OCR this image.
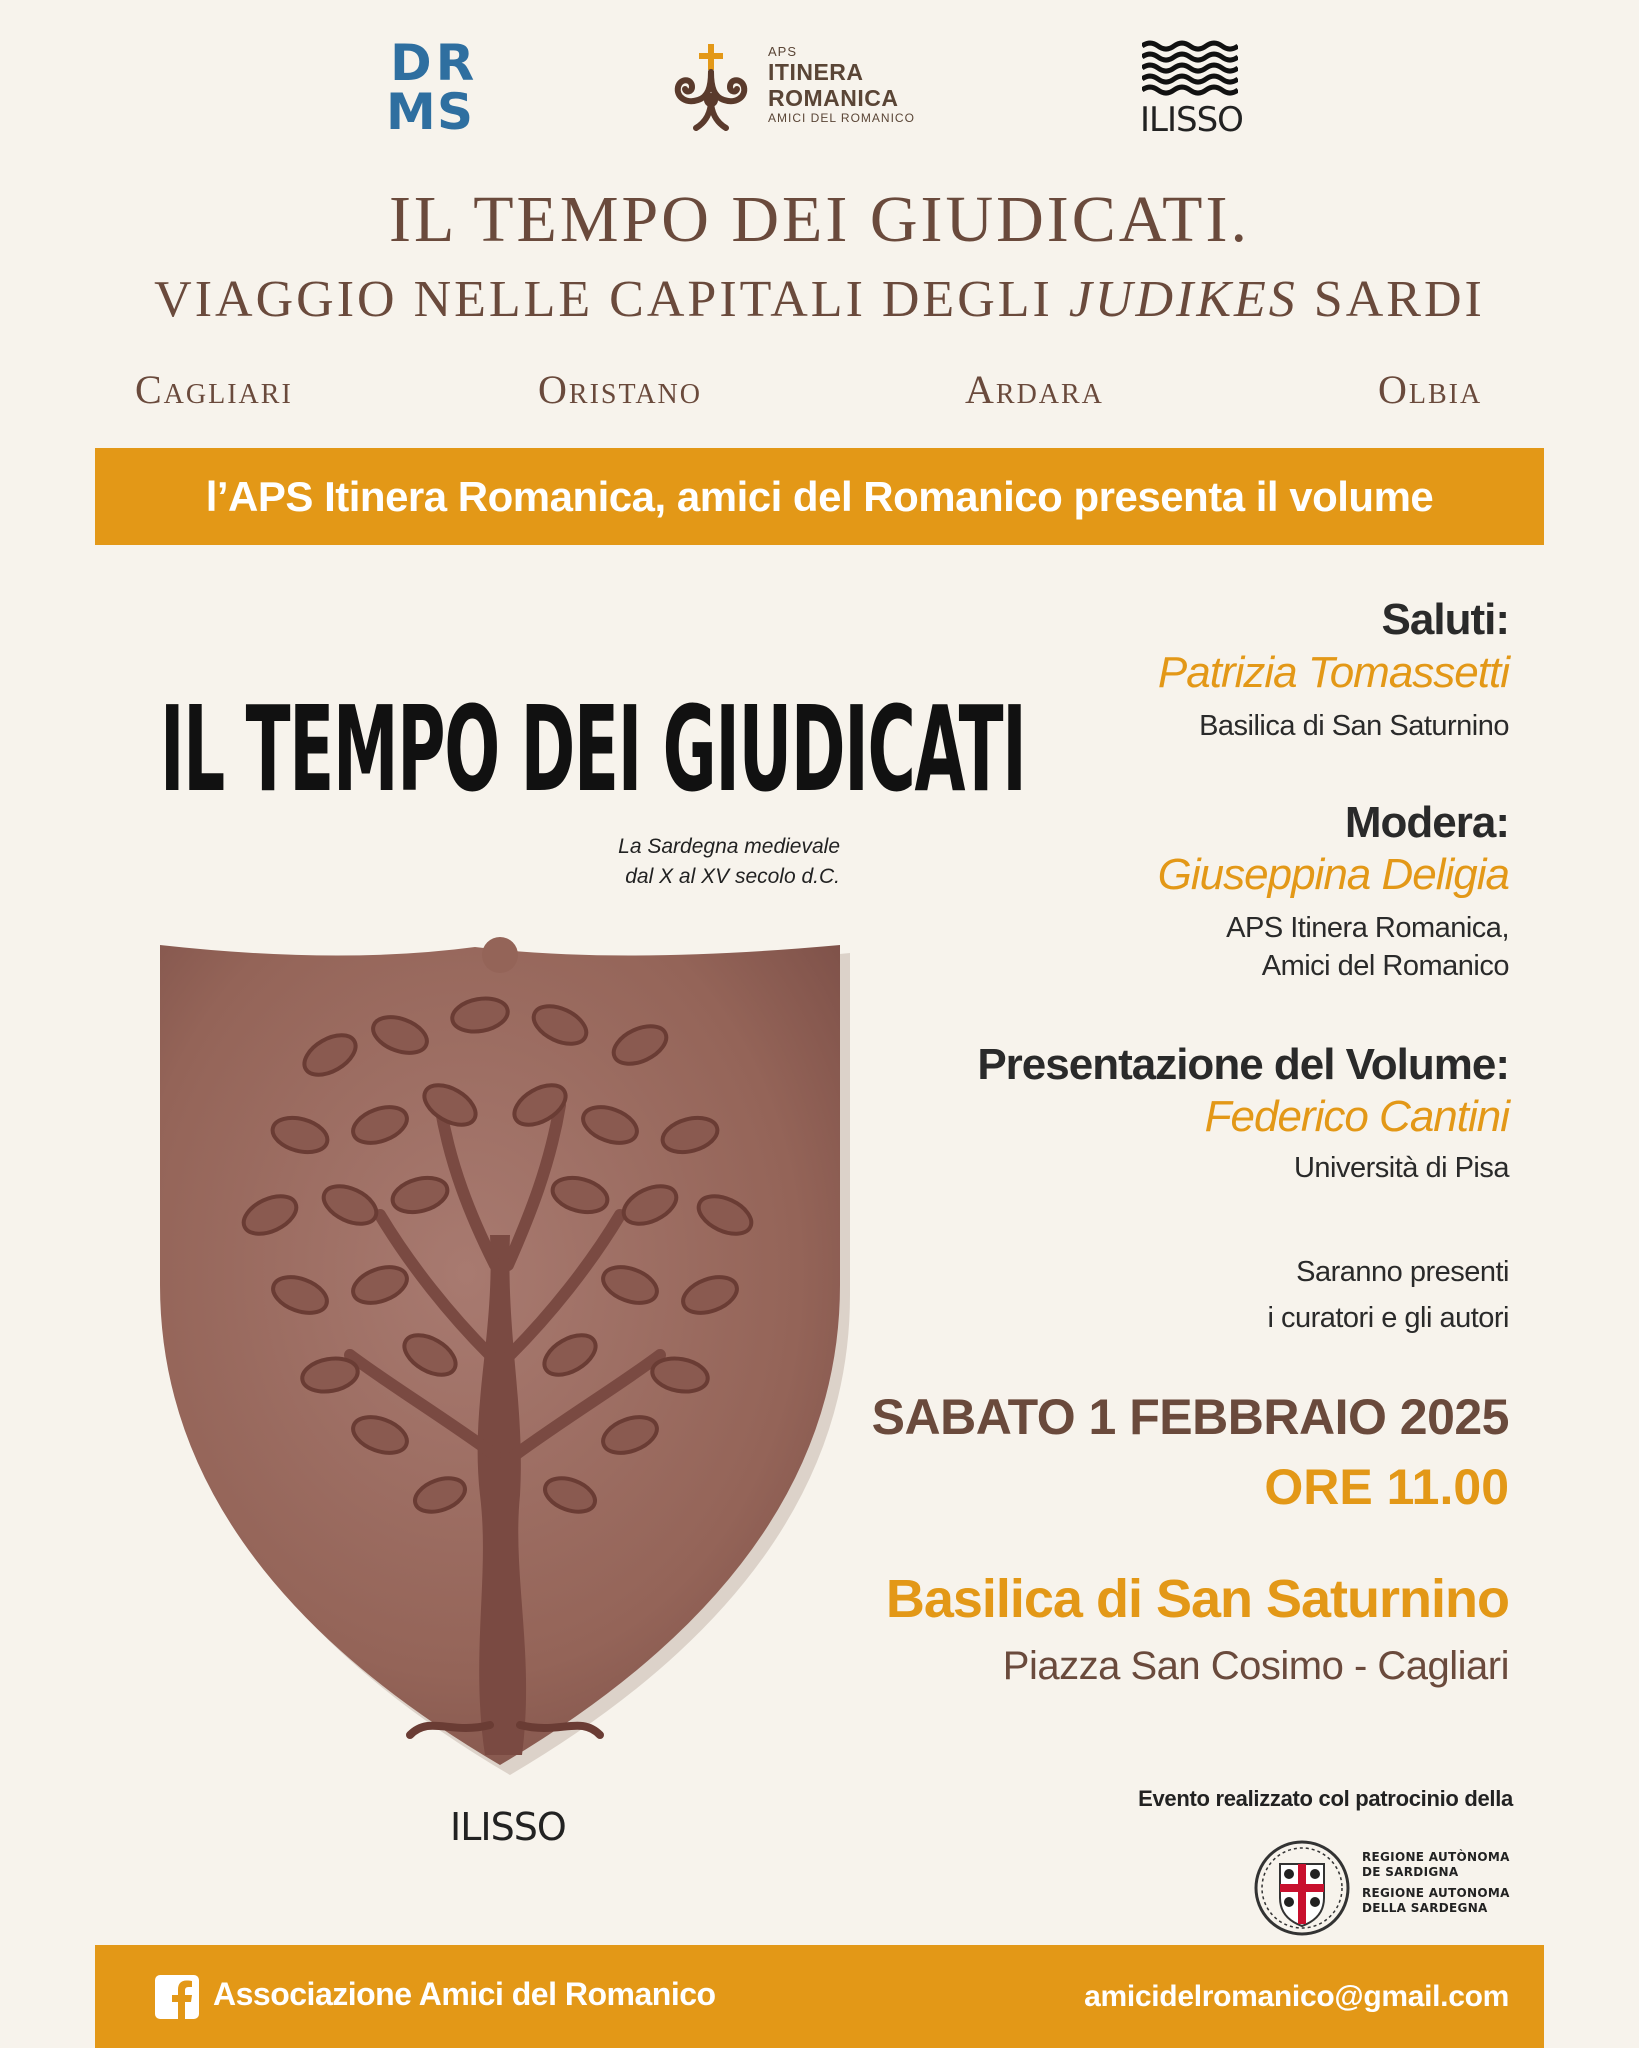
D R
M S
APS
ITINERA
ROMANICA
AMICI DEL ROMANICO	ILISSO
IL TEMPO DEI GIUDICATI.
VIAGGIO NELLE CAPITALI DEGLI JUDIKES SARDI
Cagliari	Oristano	Ardara	Olbia
l’APS Itinera Romanica, amici del Romanico presenta il volume
IL TEMPO DEI GIUDICATI
La Sardegna medievale
dal X al XV secolo d.C.
ILISSO
Saluti:
Patrizia Tomassetti
Basilica di San Saturnino
Modera:
Giuseppina Deligia
APS Itinera Romanica,
Amici del Romanico
Presentazione del Volume:
Federico Cantini
Università di Pisa
Saranno presenti
i curatori e gli autori
SABATO 1 FEBBRAIO 2025
ORE 11.00
Basilica di San Saturnino
Piazza San Cosimo - Cagliari
Evento realizzato col patrocinio della
REGIONE AUTÒNOMA
DE SARDIGNA
REGIONE AUTONOMA
DELLA SARDEGNA
Associazione Amici del Romanico	amicidelromanico@gmail.com
